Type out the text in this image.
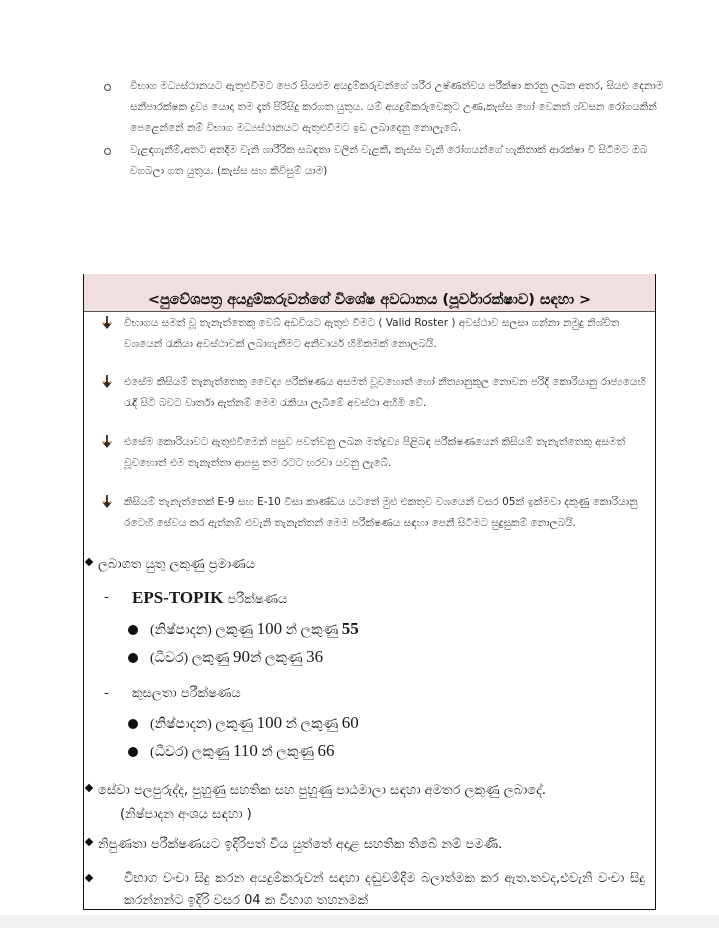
විභාග මධ්‍යස්ථානයට ඇතුළුවීමට පෙර සියළුම අයදුම්කරුවන්ගේ ශරීර උෂ්ණත්වය පරීක්ෂා කරනු ලබන අතර, සියළු දෙනාම සනීපාරක්ෂක ද්‍රව්‍ය යොදා තම දෑත් පිරිසිදු කරගත යුතුය. යම් අයදුම්කරුවෙකුට උණ,කැස්ස හෝ වෙනත් ශ්වසන රෝගයකින් පෙළෙන්නේ නම් විභාග මධ්‍යස්ථානයට ඇතුළුවීමට ඉඩ ලබාදෙනු නොලැබේ.
වැළඳගැනීම්,අතට අතදීම වැනි ශාරීරික සබඳතා වලින් වැළකී, කැස්ස වැනි රෝගයන්ගේ හැකිතාක් ආරක්ෂා වී සිටීමට ඔබ වගබලා ගත යුතුය. (කැස්ස සහ කිවිසුම් යාම)
<පුවේශපත්‍ර අයදුම්කරුවන්ගේ විශේෂ අවධානය (පූර්වාරක්ෂාව) සඳහා >
විභාගය සමත් වූ තැනැත්තෙකු වෙබ් අඩවියට ඇතුළු වීමට ( Valid Roster ) අවස්ථාව සලසා ගන්නා නමුදු නිශ්චිත වශයෙන් රැකියා අවස්ථාවක් ලබාගැනීමට අනිවාර්ය හිමිකමක් නොලබයි.
එසේම කිසියම් තැනැත්තෙකු වෛද්‍ය පරීක්ෂණය අසමත් වූවහොත් හෝ නීත්‍යානුකූල නොවන පරිදි කොරියානු රාජ්‍යයෙහි රැඳී සිටි බවට වාර්තා ඇත්නම් මෙම රැකියා ලැබීමේ අවස්ථා අහිමි වේ.
එසේම කොරියාවට ඇතුළුවීමෙන් පසුව පවත්වනු ලබන මත්ද්‍රව්‍ය පිළිබඳ පරීක්ෂණයෙන් කිසියම් තැනැත්තෙකු අසමත් වූවහොත් එම තැනැත්තා ආපසු තම රටට හරවා යවනු ලැබේ.
කිසියම් තැනැත්තෙක් E-9 සහ E-10 වීසා කාණ්ඩය යටතේ මුළු එකතුව වශයෙන් වසර 05ක් ඉක්මවා දකුණු කොරියානු රටෙහි සේවය කර ඇත්නම් එවැනි තැනැත්තන් මෙම පරීක්ෂණය සඳහා පෙනී සිටීමට සුදුසුකම් නොලබයි.
ලබාගත යුතු ලකුණු ප්‍රමාණය
- EPS-TOPIK පරීක්ෂණය
(නිෂ්පාදන) ලකුණු 100 න් ලකුණු 55
(ධීවර) ලකුණු 90න් ලකුණු 36
- කුසලතා පරීක්ෂණය
(නිෂ්පාදන) ලකුණු 100 න් ලකුණු 60
(ධීවර) ලකුණු 110 න් ලකුණු 66
සේවා පලපුරුද්ද, පුහුණු සහතික සහ පුහුණු පාඨමාලා සඳහා අමතර ලකුණු ලබාදේ.
(නිෂ්පාදන අංශය සඳහා )
නිපුණතා පරීක්ෂණයට ඉදිරිපත් විය යුත්තේ අදාළ සහතික තිබේ නම් පමණි.
විභාග වංචා සිදු කරන අයදුම්කරුවන් සඳහා දඬුවම්දීම බලාත්මක කර ඇත.තවද,එවැනි වංචා සිදු කරන්නන්ට ඉදිරි වසර 04 ක විභාග තහනමක්
